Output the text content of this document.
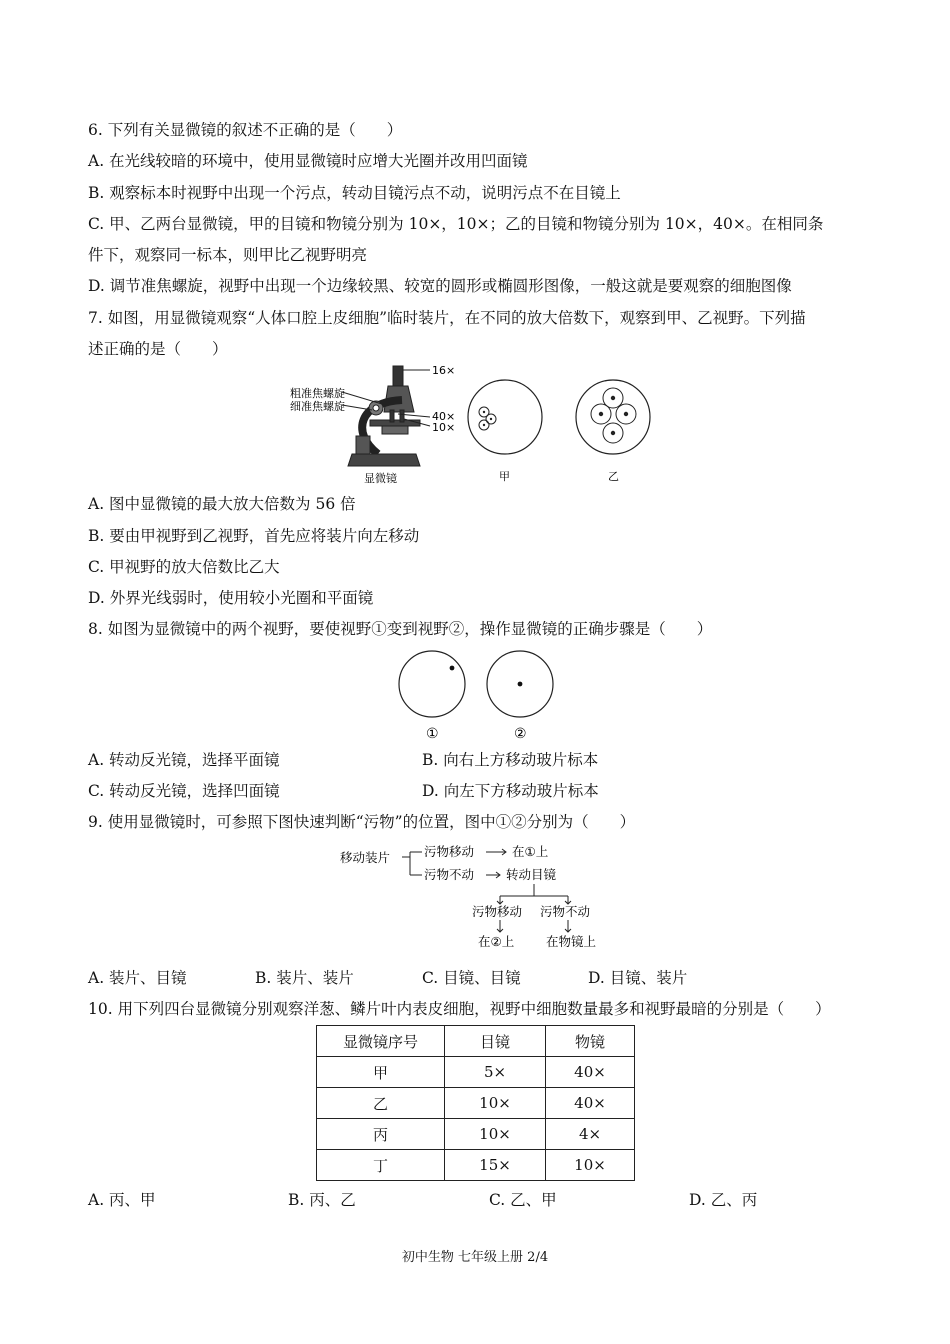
6. 下列有关显微镜的叙述不正确的是（　　）
A. 在光线较暗的环境中，使用显微镜时应增大光圈并改用凹面镜
B. 观察标本时视野中出现一个污点，转动目镜污点不动，说明污点不在目镜上
C. 甲、乙两台显微镜，甲的目镜和物镜分别为 10×，10×；乙的目镜和物镜分别为 10×，40×。在相同条
件下，观察同一标本，则甲比乙视野明亮
D. 调节准焦螺旋，视野中出现一个边缘较黑、较宽的圆形或椭圆形图像，一般这就是要观察的细胞图像
7. 如图，用显微镜观察“人体口腔上皮细胞”临时装片，在不同的放大倍数下，观察到甲、乙视野。下列描
述正确的是（　　）
16×
粗准焦螺旋
细准焦螺旋
40×
10×
显微镜	甲	乙
A. 图中显微镜的最大放大倍数为 56 倍
B. 要由甲视野到乙视野，首先应将装片向左移动
C. 甲视野的放大倍数比乙大
D. 外界光线弱时，使用较小光圈和平面镜
8. 如图为显微镜中的两个视野，要使视野①变到视野②，操作显微镜的正确步骤是（　　）
①	②
A. 转动反光镜，选择平面镜	B. 向右上方移动玻片标本
C. 转动反光镜，选择凹面镜	D. 向左下方移动玻片标本
9. 使用显微镜时，可参照下图快速判断“污物”的位置，图中①②分别为（　　）
移动装片	污物移动
污物不动
在①上
转动目镜
污物移动 污物不动
在②上	在物镜上
A. 装片、目镜	B. 装片、装片	C. 目镜、目镜	D. 目镜、装片
10. 用下列四台显微镜分别观察洋葱、鳞片叶内表皮细胞，视野中细胞数量最多和视野最暗的分别是（　　）
显微镜序号	目镜	物镜
甲	5×	40×
乙	10×	40×
丙	10×	4×
丁	15×	10×
A. 丙、甲	B. 丙、乙	C. 乙、甲	D. 乙、丙
初中生物 七年级上册 2/4
